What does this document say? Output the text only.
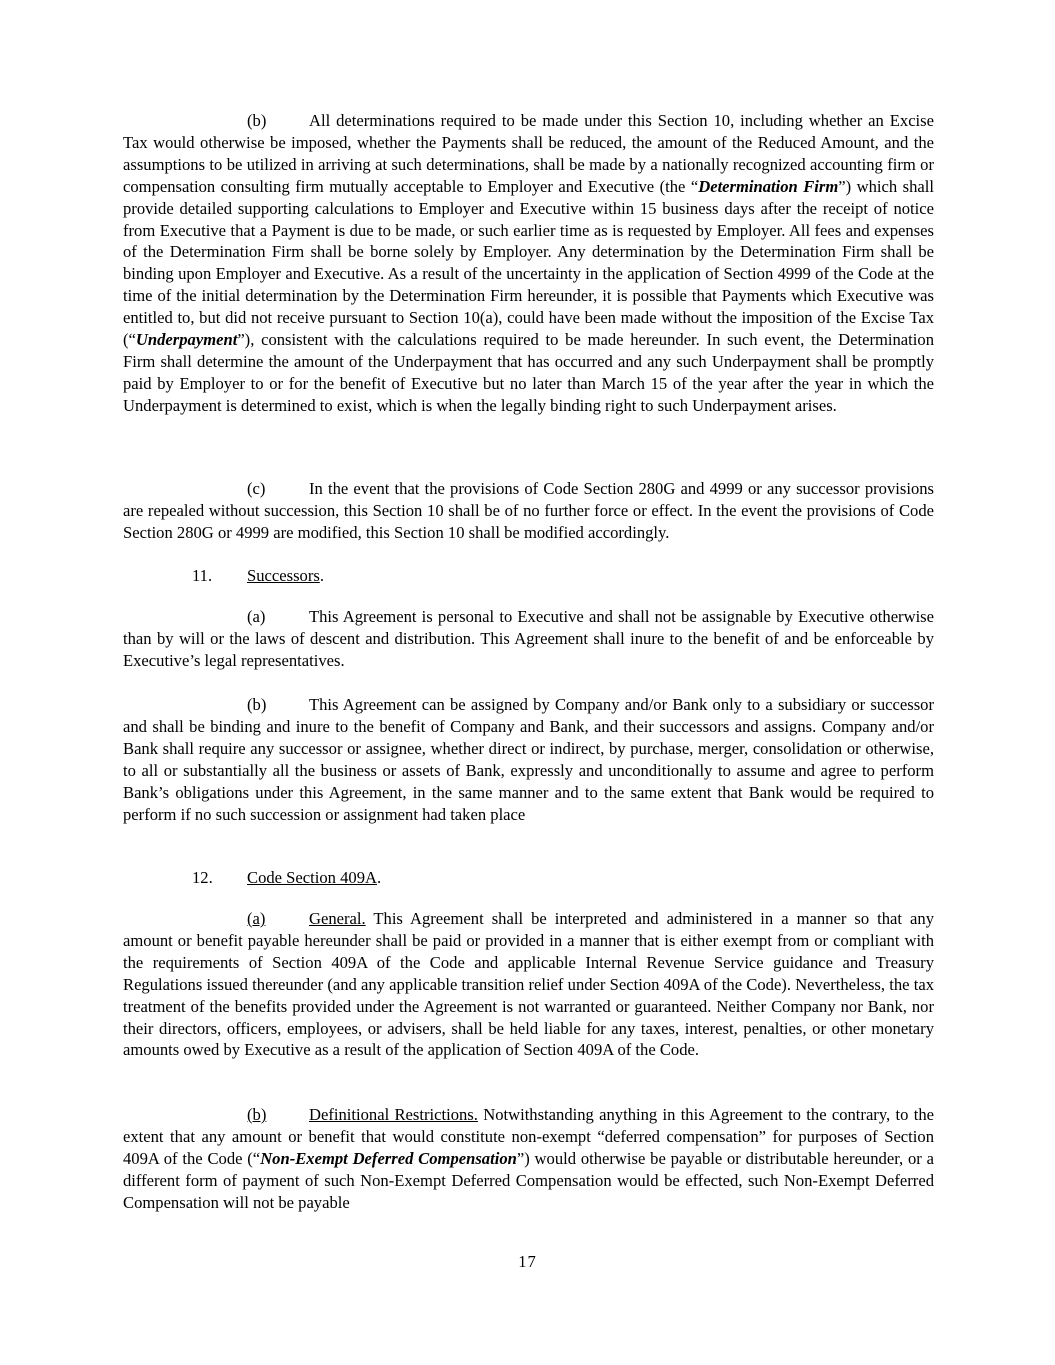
(b)	All determinations required to be made under this Section 10, including whether an Excise Tax would otherwise be imposed, whether the Payments shall be reduced, the amount of the Reduced Amount, and the assumptions to be utilized in arriving at such determinations, shall be made by a nationally recognized accounting firm or compensation consulting firm mutually acceptable to Employer and Executive (the “Determination Firm”) which shall provide detailed supporting calculations to Employer and Executive within 15 business days after the receipt of notice from Executive that a Payment is due to be made, or such earlier time as is requested by Employer. All fees and expenses of the Determination Firm shall be borne solely by Employer. Any determination by the Determination Firm shall be binding upon Employer and Executive. As a result of the uncertainty in the application of Section 4999 of the Code at the time of the initial determination by the Determination Firm hereunder, it is possible that Payments which Executive was entitled to, but did not receive pursuant to Section 10(a), could have been made without the imposition of the Excise Tax (“Underpayment”), consistent with the calculations required to be made hereunder. In such event, the Determination Firm shall determine the amount of the Underpayment that has occurred and any such Underpayment shall be promptly paid by Employer to or for the benefit of Executive but no later than March 15 of the year after the year in which the Underpayment is determined to exist, which is when the legally binding right to such Underpayment arises.

(c)	In the event that the provisions of Code Section 280G and 4999 or any successor provisions are repealed without succession, this Section 10 shall be of no further force or effect. In the event the provisions of Code Section 280G or 4999 are modified, this Section 10 shall be modified accordingly.

11. Successors.

(a)	This Agreement is personal to Executive and shall not be assignable by Executive otherwise than by will or the laws of descent and distribution. This Agreement shall inure to the benefit of and be enforceable by Executive’s legal representatives.

(b)	This Agreement can be assigned by Company and/or Bank only to a subsidiary or successor and shall be binding and inure to the benefit of Company and Bank, and their successors and assigns. Company and/or Bank shall require any successor or assignee, whether direct or indirect, by purchase, merger, consolidation or otherwise, to all or substantially all the business or assets of Bank, expressly and unconditionally to assume and agree to perform Bank’s obligations under this Agreement, in the same manner and to the same extent that Bank would be required to perform if no such succession or assignment had taken place

12. Code Section 409A.

(a)	General. This Agreement shall be interpreted and administered in a manner so that any amount or benefit payable hereunder shall be paid or provided in a manner that is either exempt from or compliant with the requirements of Section 409A of the Code and applicable Internal Revenue Service guidance and Treasury Regulations issued thereunder (and any applicable transition relief under Section 409A of the Code). Nevertheless, the tax treatment of the benefits provided under the Agreement is not warranted or guaranteed. Neither Company nor Bank, nor their directors, officers, employees, or advisers, shall be held liable for any taxes, interest, penalties, or other monetary amounts owed by Executive as a result of the application of Section 409A of the Code.

(b)	Definitional Restrictions. Notwithstanding anything in this Agreement to the contrary, to the extent that any amount or benefit that would constitute non-exempt “deferred compensation” for purposes of Section 409A of the Code (“Non-Exempt Deferred Compensation”) would otherwise be payable or distributable hereunder, or a different form of payment of such Non-Exempt Deferred Compensation would be effected, such Non-Exempt Deferred Compensation will not be payable

17
